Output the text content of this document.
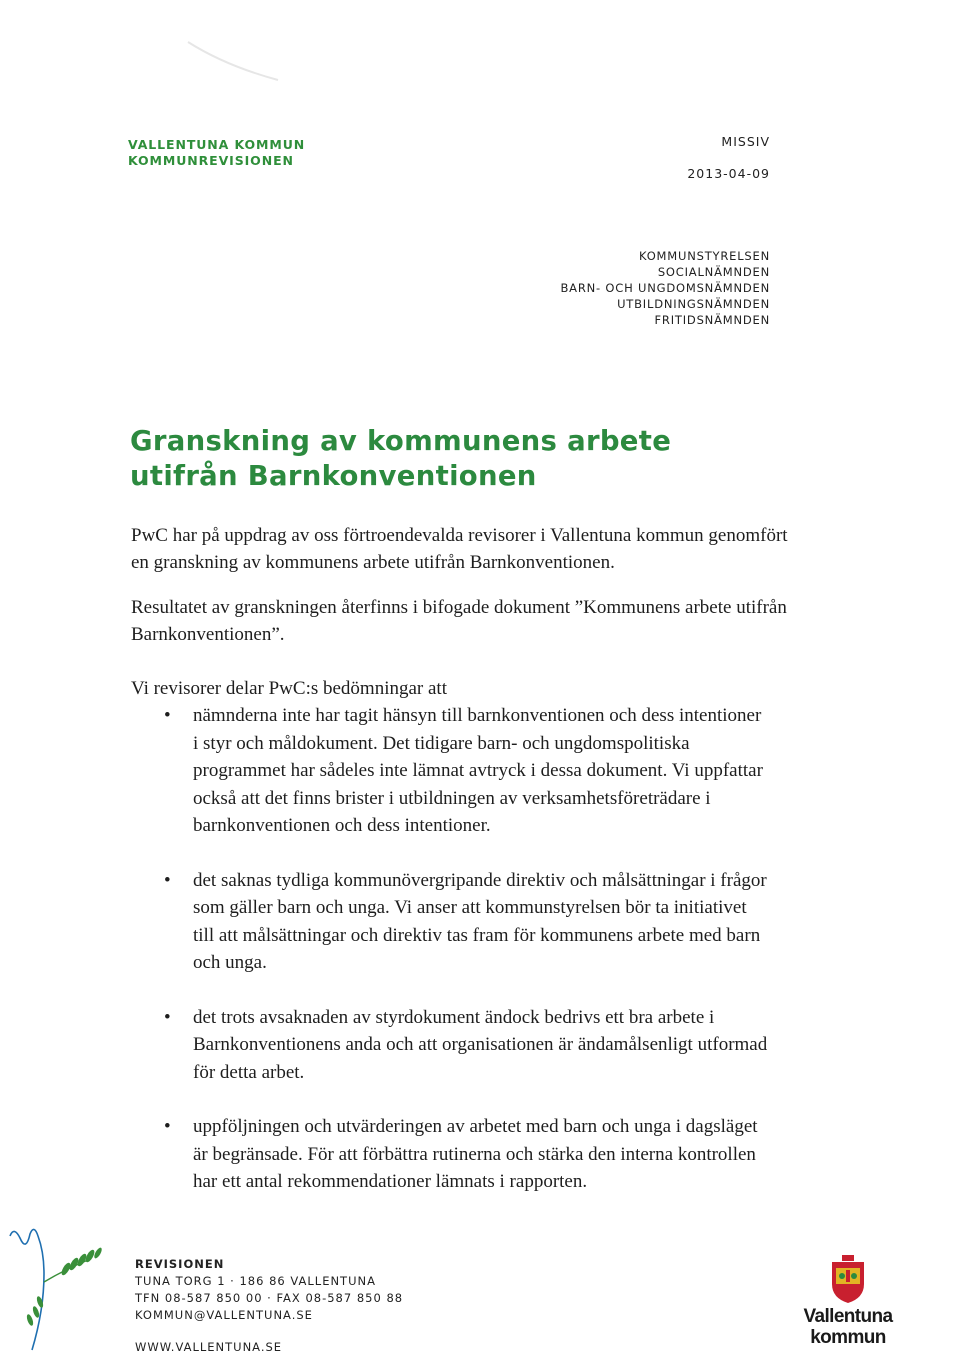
VALLENTUNA KOMMUN
KOMMUNREVISIONEN
MISSIV
2013-04-09
KOMMUNSTYRELSEN
SOCIALNÄMNDEN
BARN- OCH UNGDOMSNÄMNDEN
UTBILDNINGSNÄMNDEN
FRITIDSNÄMNDEN
Granskning av kommunens arbete
utifrån Barnkonventionen
PwC har på uppdrag av oss förtroendevalda revisorer i Vallentuna kommun genomfört en granskning av kommunens arbete utifrån Barnkonventionen.
Resultatet av granskningen återfinns i bifogade dokument ”Kommunens arbete utifrån Barnkonventionen”.
Vi revisorer delar PwC:s bedömningar att
• nämnderna inte har tagit hänsyn till barnkonventionen och dess intentioner i styr och måldokument. Det tidigare barn- och ungdomspolitiska programmet har sådeles inte lämnat avtryck i dessa dokument. Vi uppfattar också att det finns brister i utbildningen av verksamhetsföreträdare i barnkonventionen och dess intentioner.
• det saknas tydliga kommunövergripande direktiv och målsättningar i frågor som gäller barn och unga. Vi anser att kommunstyrelsen bör ta initiativet till att målsättningar och direktiv tas fram för kommunens arbete med barn och unga.
• det trots avsaknaden av styrdokument ändock bedrivs ett bra arbete i Barnkonventionens anda och att organisationen är ändamålsenligt utformad för detta arbet.
• uppföljningen och utvärderingen av arbetet med barn och unga i dagsläget är begränsade. För att förbättra rutinerna och stärka den interna kontrollen har ett antal rekommendationer lämnats i rapporten.
REVISIONEN
TUNA TORG 1 · 186 86 VALLENTUNA
TFN 08-587 850 00 · FAX 08-587 850 88
KOMMUN@VALLENTUNA.SE
WWW.VALLENTUNA.SE
Vallentuna
kommun
